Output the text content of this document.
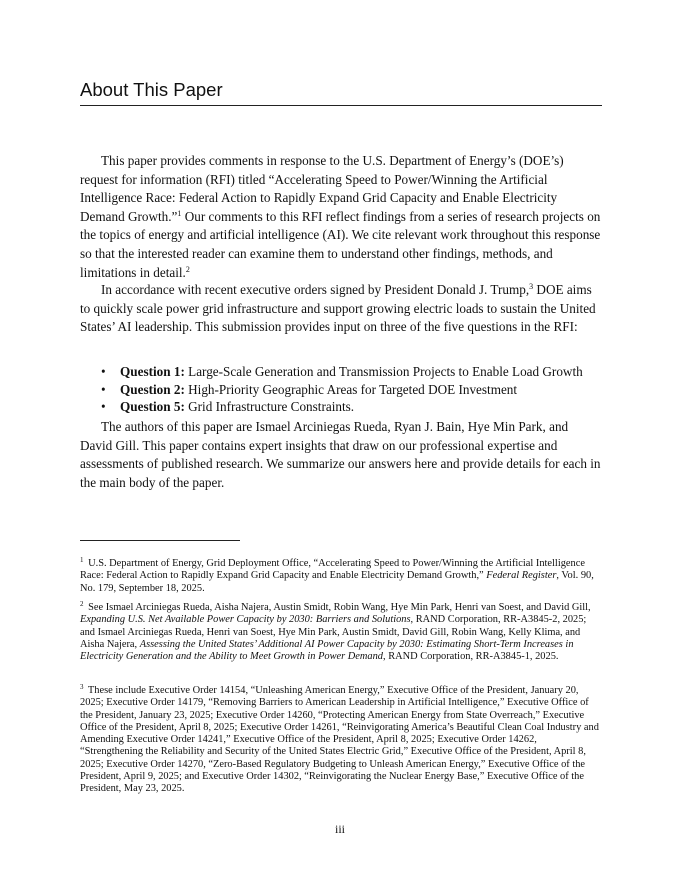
About This Paper

This paper provides comments in response to the U.S. Department of Energy’s (DOE’s) request for information (RFI) titled “Accelerating Speed to Power/Winning the Artificial Intelligence Race: Federal Action to Rapidly Expand Grid Capacity and Enable Electricity Demand Growth.”$^1$ Our comments to this RFI reflect findings from a series of research projects on the topics of energy and artificial intelligence (AI). We cite relevant work throughout this response so that the interested reader can examine them to understand other findings, methods, and limitations in detail.$^2$

In accordance with recent executive orders signed by President Donald J. Trump,$^3$ DOE aims to quickly scale power grid infrastructure and support growing electric loads to sustain the United States’ AI leadership. This submission provides input on three of the five questions in the RFI:

• Question 1: Large-Scale Generation and Transmission Projects to Enable Load Growth
• Question 2: High-Priority Geographic Areas for Targeted DOE Investment
• Question 5: Grid Infrastructure Constraints.

The authors of this paper are Ismael Arciniegas Rueda, Ryan J. Bain, Hye Min Park, and David Gill. This paper contains expert insights that draw on our professional expertise and assessments of published research. We summarize our answers here and provide details for each in the main body of the paper.

$^1$ U.S. Department of Energy, Grid Deployment Office, “Accelerating Speed to Power/Winning the Artificial Intelligence Race: Federal Action to Rapidly Expand Grid Capacity and Enable Electricity Demand Growth,” Federal Register, Vol. 90, No. 179, September 18, 2025.

$^2$ See Ismael Arciniegas Rueda, Aisha Najera, Austin Smidt, Robin Wang, Hye Min Park, Henri van Soest, and David Gill, Expanding U.S. Net Available Power Capacity by 2030: Barriers and Solutions, RAND Corporation, RR-A3845-2, 2025; and Ismael Arciniegas Rueda, Henri van Soest, Hye Min Park, Austin Smidt, David Gill, Robin Wang, Kelly Klima, and Aisha Najera, Assessing the United States’ Additional AI Power Capacity by 2030: Estimating Short-Term Increases in Electricity Generation and the Ability to Meet Growth in Power Demand, RAND Corporation, RR-A3845-1, 2025.

$^3$ These include Executive Order 14154, “Unleashing American Energy,” Executive Office of the President, January 20, 2025; Executive Order 14179, “Removing Barriers to American Leadership in Artificial Intelligence,” Executive Office of the President, January 23, 2025; Executive Order 14260, “Protecting American Energy from State Overreach,” Executive Office of the President, April 8, 2025; Executive Order 14261, “Reinvigorating America’s Beautiful Clean Coal Industry and Amending Executive Order 14241,” Executive Office of the President, April 8, 2025; Executive Order 14262, “Strengthening the Reliability and Security of the United States Electric Grid,” Executive Office of the President, April 8, 2025; Executive Order 14270, “Zero-Based Regulatory Budgeting to Unleash American Energy,” Executive Office of the President, April 9, 2025; and Executive Order 14302, “Reinvigorating the Nuclear Energy Base,” Executive Office of the President, May 23, 2025.

iii
